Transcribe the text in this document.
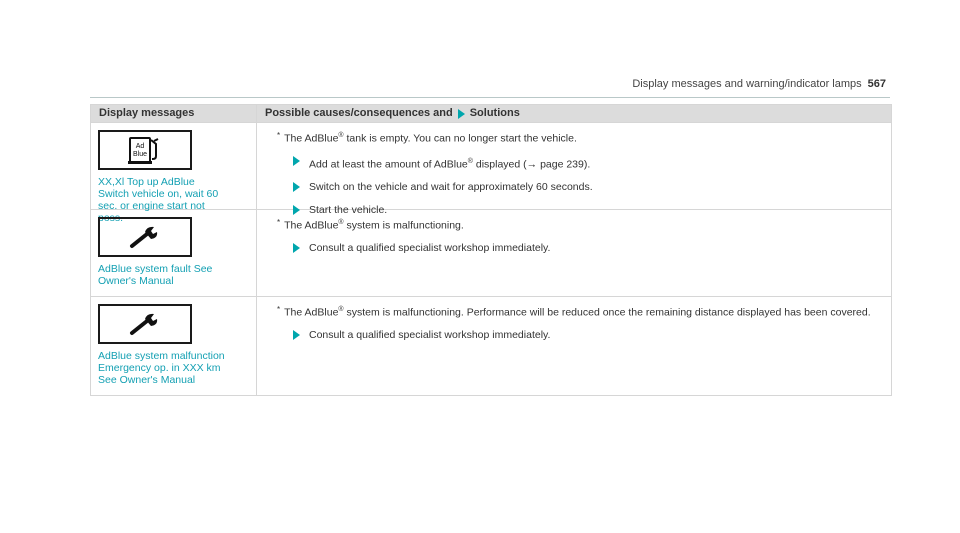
Display messages and warning/indicator lamps 567
Display messages	Possible causes/consequences and Solutions
Ad
Blue
XX,Xl Top up AdBlue
Switch vehicle on, wait 60
sec. or engine start not
poss.
* The AdBlue® tank is empty. You can no longer start the vehicle.
Add at least the amount of AdBlue® displayed (→ page 239).
Switch on the vehicle and wait for approximately 60 seconds.
Start the vehicle.
AdBlue system fault See
Owner's Manual
* The AdBlue® system is malfunctioning.
Consult a qualified specialist workshop immediately.
AdBlue system malfunction
Emergency op. in XXX km
See Owner's Manual
* The AdBlue® system is malfunctioning. Performance will be reduced once the remaining distance displayed has been covered.
Consult a qualified specialist workshop immediately.
